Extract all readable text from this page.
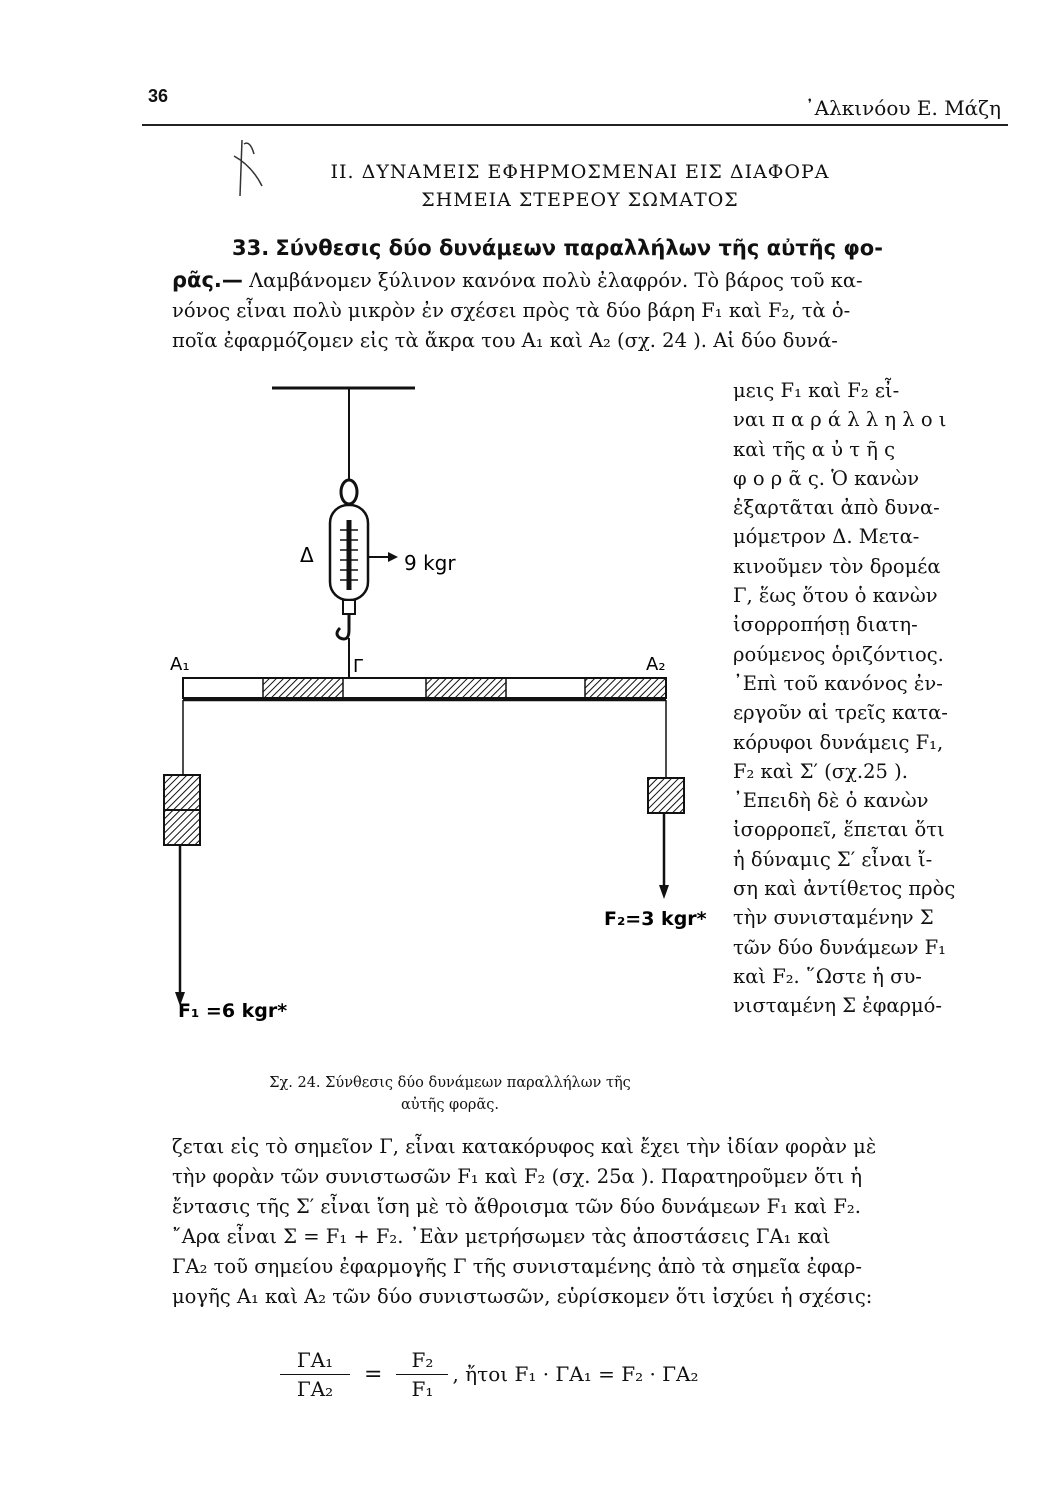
36	᾿Αλκινόου Ε. Μάζη
II. ΔΥΝΑΜΕΙΣ ΕΦΗΡΜΟΣΜΕΝΑΙ ΕΙΣ ΔΙΑΦΟΡΑ
ΣΗΜΕΙΑ ΣΤΕΡΕΟΥ ΣΩΜΑΤΟΣ
33. Σύνθεσις δύο δυνάμεων παραλλήλων τῆς αὐτῆς φο-
ρᾶς.— Λαμβάνομεν ξύλινον κανόνα πολὺ ἐλαφρόν. Τὸ βάρος τοῦ κα-
νόνος εἶναι πολὺ μικρὸν ἐν σχέσει πρὸς τὰ δύο βάρη F₁ καὶ F₂, τὰ ὁ-
ποῖα ἐφαρμόζομεν εἰς τὰ ἄκρα του Α₁ καὶ Α₂ (σχ. 24 ). Αἱ δύο δυνά-
μεις F₁ καὶ F₂ εἶ-
ναι π α ρ ά λ λ η λ ο ι
καὶ τῆς α ὐ τ ῆ ς
φ ο ρ ᾶ ς. Ὁ κανὼν
ἐξαρτᾶται ἀπὸ δυνα-
μόμετρον Δ. Μετα-
κινοῦμεν τὸν δρομέα
Γ, ἕως ὅτου ὁ κανὼν
ἰσορροπήσῃ διατη-
ρούμενος ὁριζόντιος.
᾿Επὶ τοῦ κανόνος ἐν-
εργοῦν αἱ τρεῖς κατα-
κόρυφοι δυνάμεις F₁,
F₂ καὶ Σ′ (σχ.25 ).
᾿Επειδὴ δὲ ὁ κανὼν
ἰσορροπεῖ, ἕπεται ὅτι
ἡ δύναμις Σ′ εἶναι ἴ-
ση καὶ ἀντίθετος πρὸς
τὴν συνισταμένην Σ
τῶν δύο δυνάμεων F₁
καὶ F₂. ῞Ωστε ἡ συ-
νισταμένη Σ ἐφαρμό-
Δ	9 kgr
Γ
Α₁	Α₂
F₁ =6 kgr*
F₂=3 kgr*
Σχ. 24. Σύνθεσις δύο δυνάμεων παραλλήλων τῆς
αὐτῆς φορᾶς.
ζεται εἰς τὸ σημεῖον Γ, εἶναι κατακόρυφος καὶ ἔχει τὴν ἰδίαν φορὰν μὲ
τὴν φορὰν τῶν συνιστωσῶν F₁ καὶ F₂ (σχ. 25α ). Παρατηροῦμεν ὅτι ἡ
ἔντασις τῆς Σ′ εἶναι ἴση μὲ τὸ ἄθροισμα τῶν δύο δυνάμεων F₁ καὶ F₂.
῎Αρα εἶναι Σ = F₁ + F₂. ᾿Εὰν μετρήσωμεν τὰς ἀποστάσεις ΓΑ₁ καὶ
ΓΑ₂ τοῦ σημείου ἐφαρμογῆς Γ τῆς συνισταμένης ἀπὸ τὰ σημεῖα ἐφαρ-
μογῆς Α₁ καὶ Α₂ τῶν δύο συνιστωσῶν, εὑρίσκομεν ὅτι ἰσχύει ἡ σχέσις:
$\frac{\text{ΓΑ₁}}{\text{ΓΑ₂}} = \frac{\text{F₂}}{\text{F₁}}$ , ἤτοι F₁ · ΓΑ₁ = F₂ · ΓΑ₂
